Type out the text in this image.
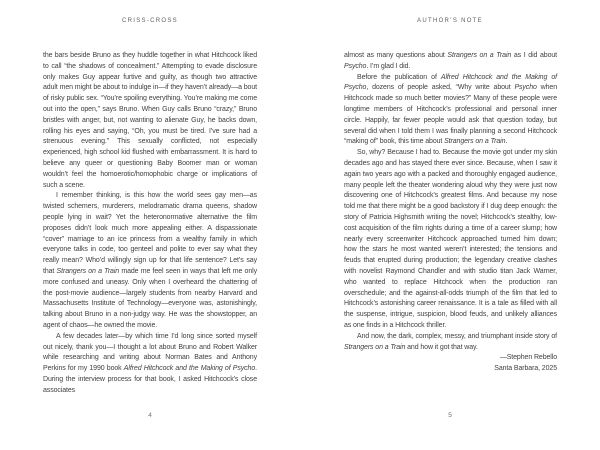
CRISS-CROSS

the bars beside Bruno as they huddle together in what Hitchcock liked to call “the shadows of concealment.” Attempting to evade disclosure only makes Guy appear furtive and guilty, as though two attractive adult men might be about to indulge in—if they haven’t already—a bout of risky public sex. “You’re spoiling everything. You’re making me come out into the open,” says Bruno. When Guy calls Bruno “crazy,” Bruno bristles with anger, but, not wanting to alienate Guy, he backs down, rolling his eyes and saying, “Oh, you must be tired. I’ve sure had a strenuous evening.” This sexually conflicted, not especially experienced, high school kid flushed with embarrassment. It is hard to believe any queer or questioning Baby Boomer man or woman wouldn’t feel the homoerotic/homophobic charge or implications of such a scene.

I remember thinking, is this how the world sees gay men—as twisted schemers, murderers, melodramatic drama queens, shadow people lying in wait? Yet the heteronormative alternative the film proposes didn’t look much more appealing either. A dispassionate “cover” marriage to an ice princess from a wealthy family in which everyone talks in code, too genteel and polite to ever say what they really mean? Who’d willingly sign up for that life sentence? Let’s say that Strangers on a Train made me feel seen in ways that left me only more confused and uneasy. Only when I overheard the chattering of the post-movie audience—largely students from nearby Harvard and Massachusetts Institute of Technology—everyone was, astonishingly, talking about Bruno in a non-judgy way. He was the showstopper, an agent of chaos—he owned the movie.

A few decades later—by which time I’d long since sorted myself out nicely, thank you—I thought a lot about Bruno and Robert Walker while researching and writing about Norman Bates and Anthony Perkins for my 1990 book Alfred Hitchcock and the Making of Psycho. During the interview process for that book, I asked Hitchcock’s close associates

4
AUTHOR’S NOTE

almost as many questions about Strangers on a Train as I did about Psycho. I’m glad I did.

Before the publication of Alfred Hitchcock and the Making of Psycho, dozens of people asked, “Why write about Psycho when Hitchcock made so much better movies?” Many of these people were longtime members of Hitchcock’s professional and personal inner circle. Happily, far fewer people would ask that question today, but several did when I told them I was finally planning a second Hitchcock “making of” book, this time about Strangers on a Train.

So, why? Because I had to. Because the movie got under my skin decades ago and has stayed there ever since. Because, when I saw it again two years ago with a packed and thoroughly engaged audience, many people left the theater wondering aloud why they were just now discovering one of Hitchcock’s greatest films. And because my nose told me that there might be a good backstory if I dug deep enough: the story of Patricia Highsmith writing the novel; Hitchcock’s stealthy, low-cost acquisition of the film rights during a time of a career slump; how nearly every screenwriter Hitchcock approached turned him down; how the stars he most wanted weren’t interested; the tensions and feuds that erupted during production; the legendary creative clashes with novelist Raymond Chandler and with studio titan Jack Warner, who wanted to replace Hitchcock when the production ran overschedule; and the against-all-odds triumph of the film that led to Hitchcock’s astonishing career renaissance. It is a tale as filled with all the suspense, intrigue, suspicion, blood feuds, and unlikely alliances as one finds in a Hitchcock thriller.

And now, the dark, complex, messy, and triumphant inside story of Strangers on a Train and how it got that way.

—Stephen Rebello

Santa Barbara, 2025

5
